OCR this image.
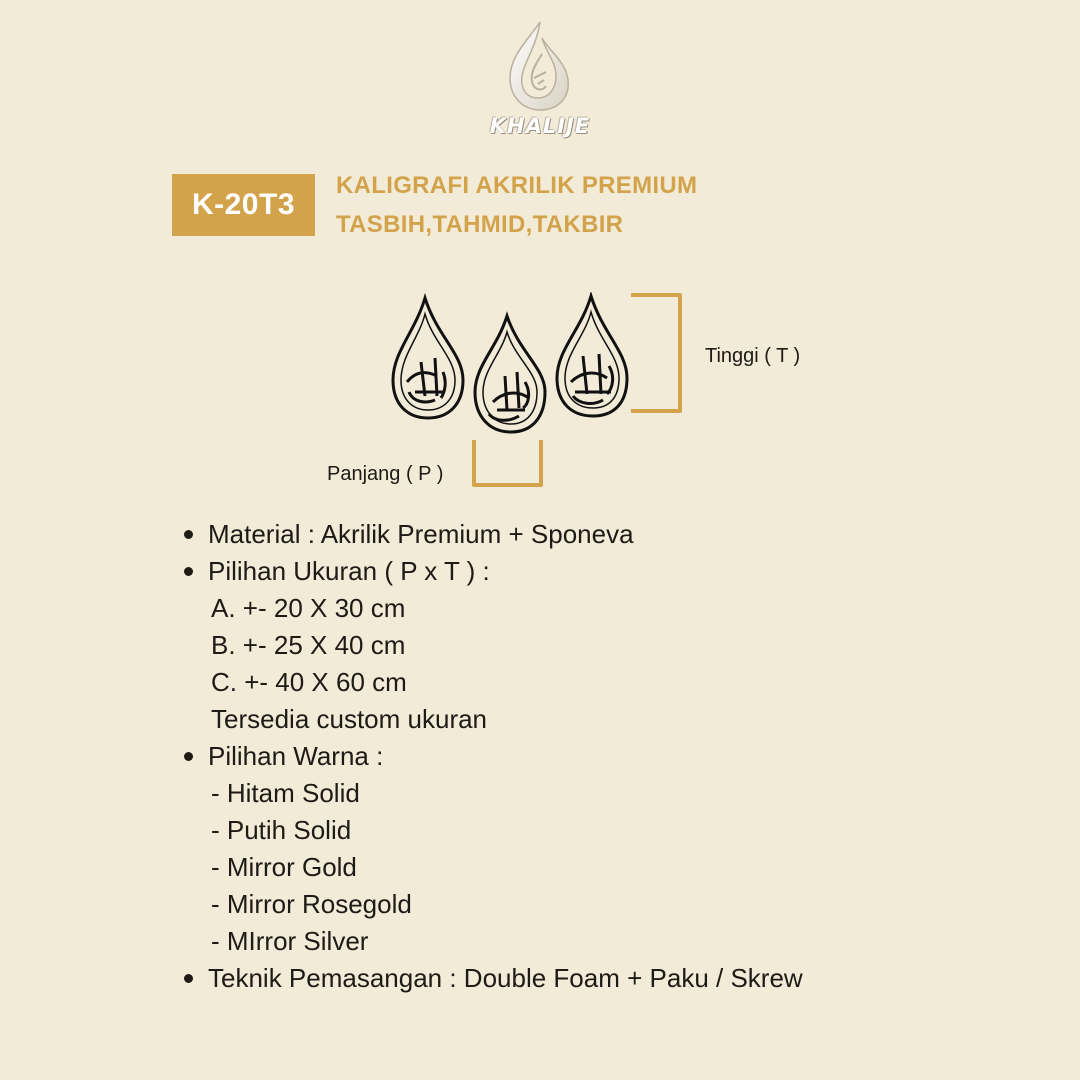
KHALIJE
K-20T3
KALIGRAFI AKRILIK PREMIUM
TASBIH,TAHMID,TAKBIR
Tinggi ( T )
Panjang ( P )
Material : Akrilik Premium + Sponeva
Pilihan Ukuran ( P x T ) :
A. +- 20 X 30 cm
B. +- 25 X 40 cm
C. +- 40 X 60 cm
Tersedia custom ukuran
Pilihan Warna :
- Hitam Solid
- Putih Solid
- Mirror Gold
- Mirror Rosegold
- MIrror Silver
Teknik Pemasangan : Double Foam + Paku / Skrew
